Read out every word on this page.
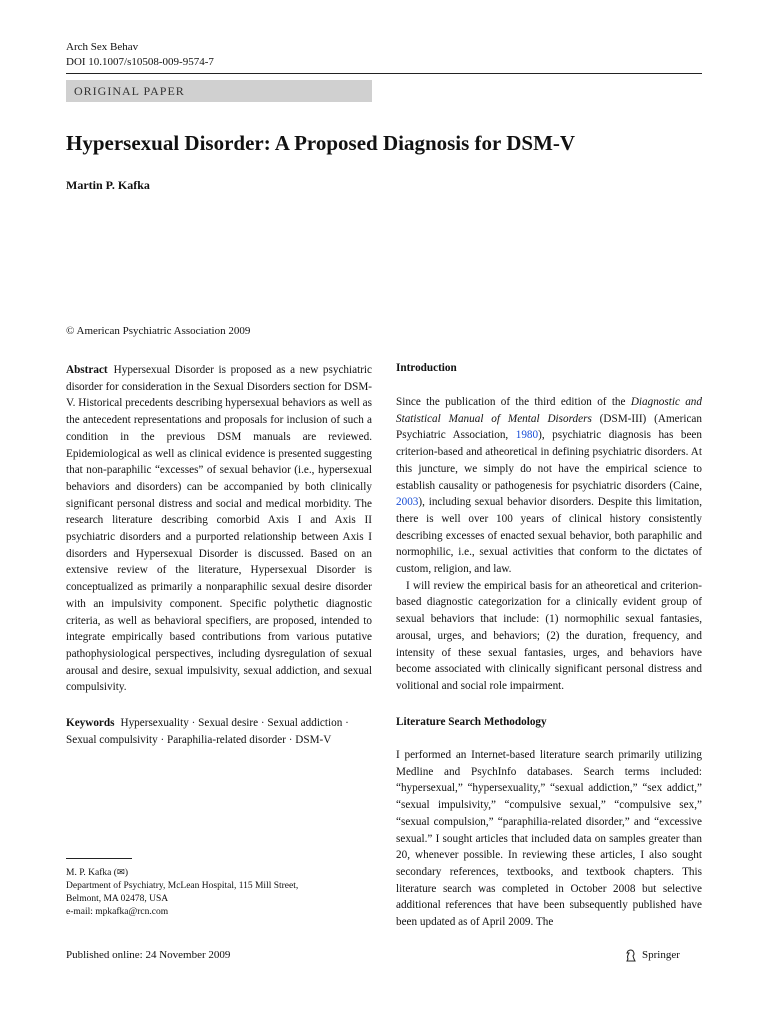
Arch Sex Behav
DOI 10.1007/s10508-009-9574-7
ORIGINAL PAPER
Hypersexual Disorder: A Proposed Diagnosis for DSM-V
Martin P. Kafka
© American Psychiatric Association 2009

Abstract Hypersexual Disorder is proposed as a new psychiatric disorder for consideration in the Sexual Disorders section for DSM-V. Historical precedents describing hypersexual behaviors as well as the antecedent representations and proposals for inclusion of such a condition in the previous DSM manuals are reviewed. Epidemiological as well as clinical evidence is presented suggesting that non-paraphilic “excesses” of sexual behavior (i.e., hypersexual behaviors and disorders) can be accompanied by both clinically significant personal distress and social and medical morbidity. The research literature describing comorbid Axis I and Axis II psychiatric disorders and a purported relationship between Axis I disorders and Hypersexual Disorder is discussed. Based on an extensive review of the literature, Hypersexual Disorder is conceptualized as primarily a nonparaphilic sexual desire disorder with an impulsivity component. Specific polythetic diagnostic criteria, as well as behavioral specifiers, are proposed, intended to integrate empirically based contributions from various putative pathophysiological perspectives, including dysregulation of sexual arousal and desire, sexual impulsivity, sexual addiction, and sexual compulsivity.

Keywords Hypersexuality · Sexual desire · Sexual addiction · Sexual compulsivity · Paraphilia-related disorder · DSM-V

M. P. Kafka (✉)
Department of Psychiatry, McLean Hospital, 115 Mill Street,
Belmont, MA 02478, USA
e-mail: mpkafka@rcn.com
Published online: 24 November 2009
Introduction

Since the publication of the third edition of the Diagnostic and Statistical Manual of Mental Disorders (DSM-III) (American Psychiatric Association, 1980), psychiatric diagnosis has been criterion-based and atheoretical in defining psychiatric disorders. At this juncture, we simply do not have the empirical science to establish causality or pathogenesis for psychiatric disorders (Caine, 2003), including sexual behavior disorders. Despite this limitation, there is well over 100 years of clinical history consistently describing excesses of enacted sexual behavior, both paraphilic and normophilic, i.e., sexual activities that conform to the dictates of custom, religion, and law.

I will review the empirical basis for an atheoretical and criterion-based diagnostic categorization for a clinically evident group of sexual behaviors that include: (1) normophilic sexual fantasies, arousal, urges, and behaviors; (2) the duration, frequency, and intensity of these sexual fantasies, urges, and behaviors have become associated with clinically significant personal distress and volitional and social role impairment.

Literature Search Methodology

I performed an Internet-based literature search primarily utilizing Medline and PsychInfo databases. Search terms included: “hypersexual,” “hypersexuality,” “sexual addiction,” “sex addict,” “sexual impulsivity,” “compulsive sexual,” “compulsive sex,” “sexual compulsion,” “paraphilia-related disorder,” and “excessive sexual.” I sought articles that included data on samples greater than 20, whenever possible. In reviewing these articles, I also sought secondary references, textbooks, and textbook chapters. This literature search was completed in October 2008 but selective additional references that have been subsequently published have been updated as of April 2009. The

Springer
